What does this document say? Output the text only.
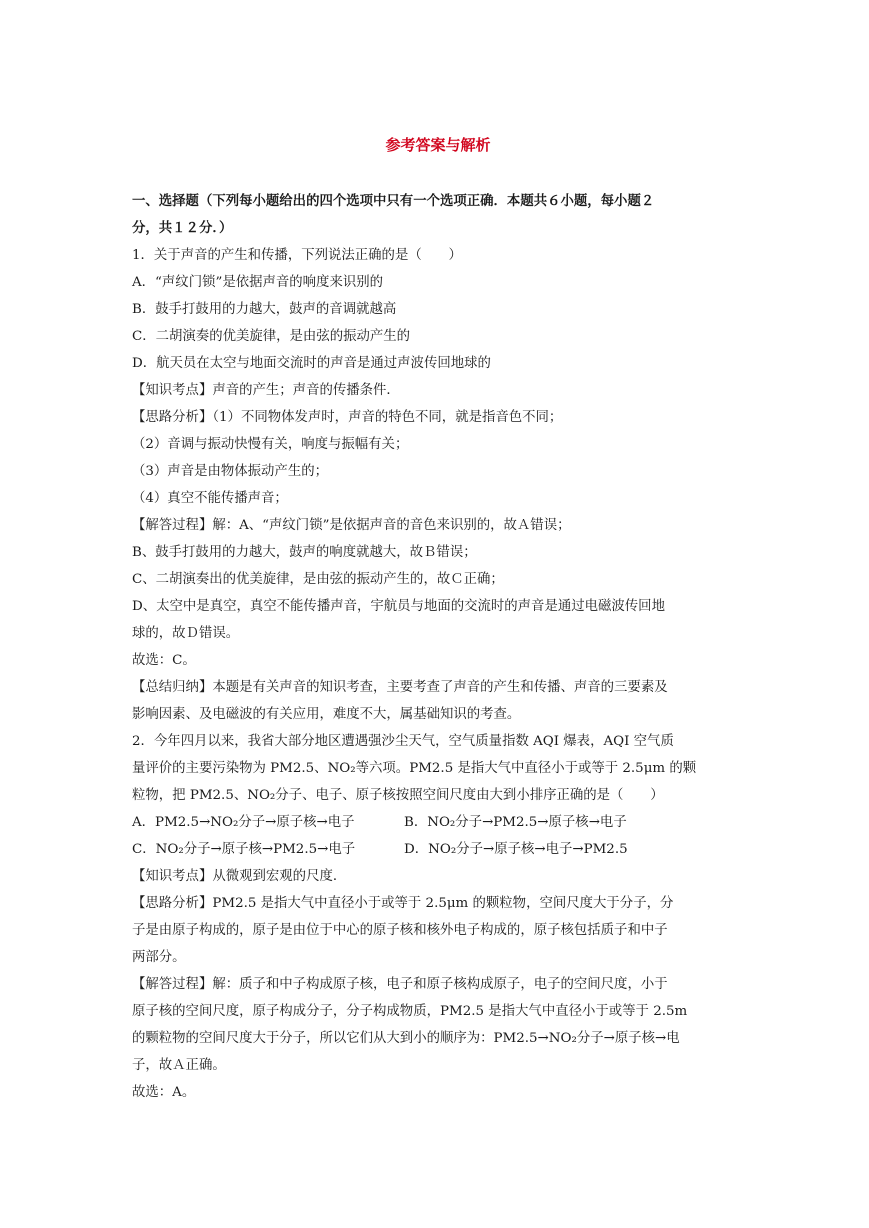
参考答案与解析
一、选择题（下列每小题给出的四个选项中只有一个选项正确．本题共６小题，每小题２
分，共１２分．）
1．关于声音的产生和传播，下列说法正确的是（　　）
A．“声纹门锁”是依据声音的响度来识别的
B．鼓手打鼓用的力越大，鼓声的音调就越高
C．二胡演奏的优美旋律，是由弦的振动产生的
D．航天员在太空与地面交流时的声音是通过声波传回地球的
【知识考点】声音的产生；声音的传播条件．
【思路分析】（1）不同物体发声时，声音的特色不同，就是指音色不同；
（2）音调与振动快慢有关，响度与振幅有关；
（3）声音是由物体振动产生的；
（4）真空不能传播声音；
【解答过程】解：A、“声纹门锁”是依据声音的音色来识别的，故Ａ错误；
B、鼓手打鼓用的力越大，鼓声的响度就越大，故Ｂ错误；
C、二胡演奏出的优美旋律，是由弦的振动产生的，故Ｃ正确；
D、太空中是真空，真空不能传播声音，宇航员与地面的交流时的声音是通过电磁波传回地
球的，故Ｄ错误。
故选：C。
【总结归纳】本题是有关声音的知识考查，主要考查了声音的产生和传播、声音的三要素及
影响因素、及电磁波的有关应用，难度不大，属基础知识的考查。
2．今年四月以来，我省大部分地区遭遇强沙尘天气，空气质量指数 AQI 爆表，AQI 空气质
量评价的主要污染物为 PM2.5、NO₂等六项。PM2.5 是指大气中直径小于或等于 2.5μm 的颗
粒物，把 PM2.5、NO₂分子、电子、原子核按照空间尺度由大到小排序正确的是（　　）
A．PM2.5→NO₂分子→原子核→电子	B．NO₂分子→PM2.5→原子核→电子
C．NO₂分子→原子核→PM2.5→电子	D．NO₂分子→原子核→电子→PM2.5
【知识考点】从微观到宏观的尺度．
【思路分析】PM2.5 是指大气中直径小于或等于 2.5μm 的颗粒物，空间尺度大于分子，分
子是由原子构成的，原子是由位于中心的原子核和核外电子构成的，原子核包括质子和中子
两部分。
【解答过程】解：质子和中子构成原子核，电子和原子核构成原子，电子的空间尺度，小于
原子核的空间尺度，原子构成分子，分子构成物质，PM2.5 是指大气中直径小于或等于 2.5m
的颗粒物的空间尺度大于分子，所以它们从大到小的顺序为：PM2.5→NO₂分子→原子核→电
子，故Ａ正确。
故选：A。
